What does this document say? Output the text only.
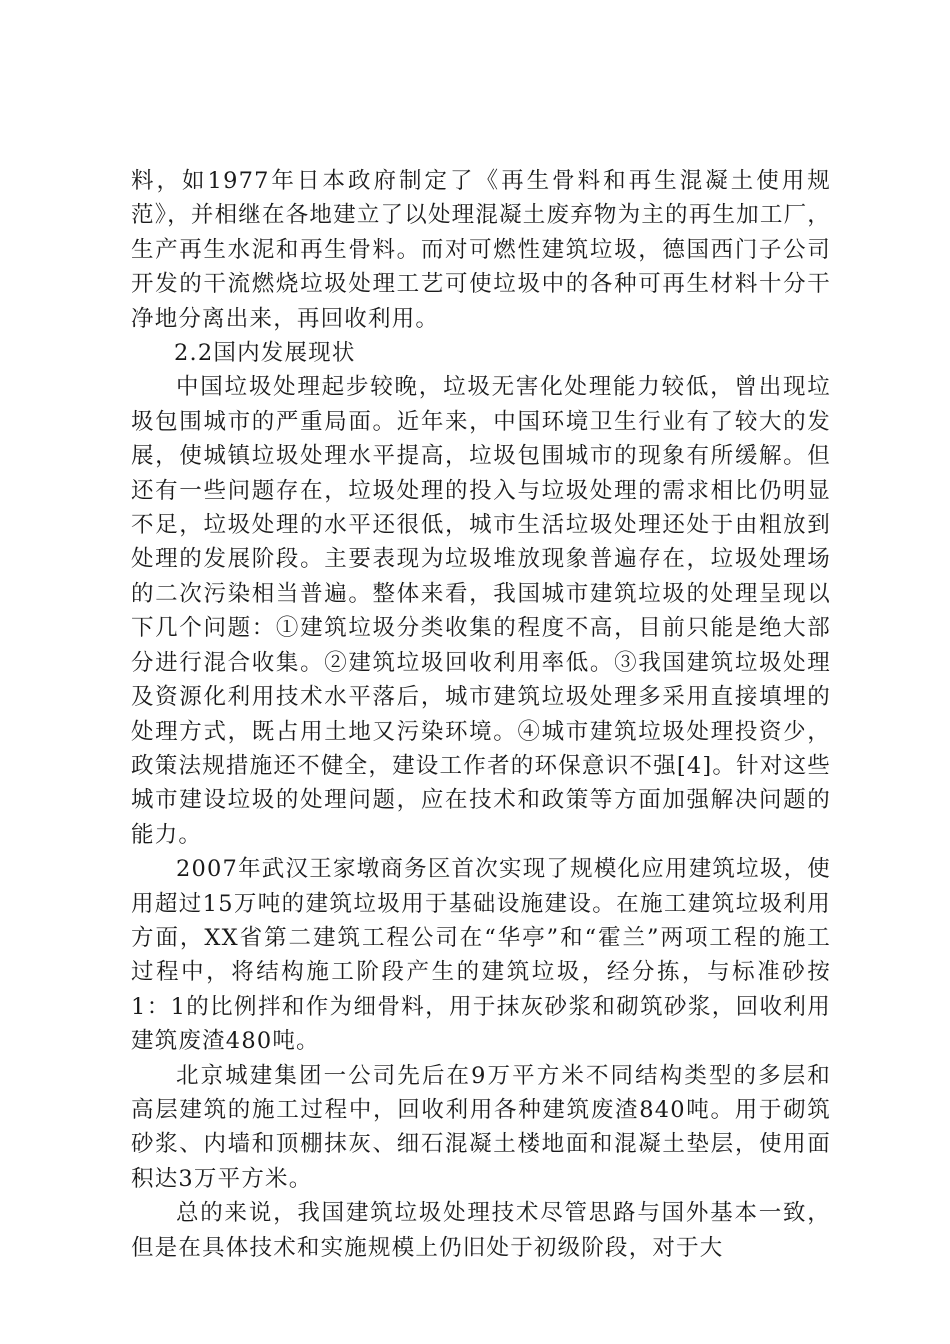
料，如1977年日本政府制定了《再生骨料和再生混凝土使用规范》，并相继在各地建立了以处理混凝土废弃物为主的再生加工厂，生产再生水泥和再生骨料。而对可燃性建筑垃圾，德国西门子公司开发的干流燃烧垃圾处理工艺可使垃圾中的各种可再生材料十分干净地分离出来，再回收利用。

2.2国内发展现状

中国垃圾处理起步较晚，垃圾无害化处理能力较低，曾出现垃圾包围城市的严重局面。近年来，中国环境卫生行业有了较大的发展，使城镇垃圾处理水平提高，垃圾包围城市的现象有所缓解。但还有一些问题存在，垃圾处理的投入与垃圾处理的需求相比仍明显不足，垃圾处理的水平还很低，城市生活垃圾处理还处于由粗放到处理的发展阶段。主要表现为垃圾堆放现象普遍存在，垃圾处理场的二次污染相当普遍。整体来看，我国城市建筑垃圾的处理呈现以下几个问题：①建筑垃圾分类收集的程度不高，目前只能是绝大部分进行混合收集。②建筑垃圾回收利用率低。③我国建筑垃圾处理及资源化利用技术水平落后，城市建筑垃圾处理多采用直接填埋的处理方式，既占用土地又污染环境。④城市建筑垃圾处理投资少，政策法规措施还不健全，建设工作者的环保意识不强[4]。针对这些城市建设垃圾的处理问题，应在技术和政策等方面加强解决问题的能力。

2007年武汉王家墩商务区首次实现了规模化应用建筑垃圾，使用超过15万吨的建筑垃圾用于基础设施建设。在施工建筑垃圾利用方面，XX省第二建筑工程公司在“华亭”和“霍兰”两项工程的施工过程中，将结构施工阶段产生的建筑垃圾，经分拣，与标准砂按1：1的比例拌和作为细骨料，用于抹灰砂浆和砌筑砂浆，回收利用建筑废渣480吨。

北京城建集团一公司先后在9万平方米不同结构类型的多层和高层建筑的施工过程中，回收利用各种建筑废渣840吨。用于砌筑砂浆、内墙和顶棚抹灰、细石混凝土楼地面和混凝土垫层，使用面积达3万平方米。

总的来说，我国建筑垃圾处理技术尽管思路与国外基本一致，但是在具体技术和实施规模上仍旧处于初级阶段，对于大
